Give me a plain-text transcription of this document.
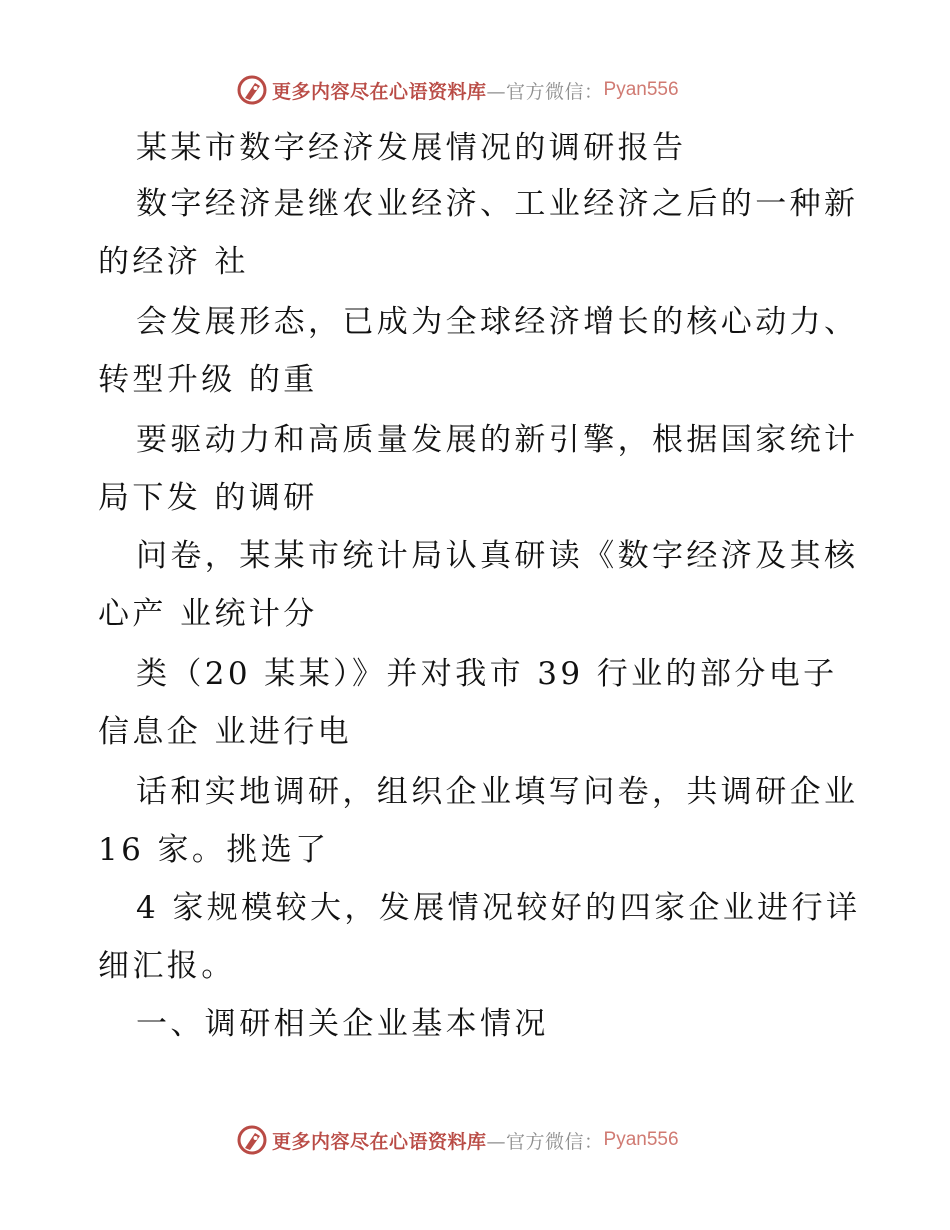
更多内容尽在心语资料库 —官方微信： Pyan556
某某市数字经济发展情况的调研报告
数字经济是继农业经济、工业经济之后的一种新
的经济 社
会发展形态，已成为全球经济增长的核心动力、
转型升级 的重
要驱动力和高质量发展的新引擎，根据国家统计
局下发 的调研
问卷，某某市统计局认真研读《数字经济及其核
心产 业统计分
类（20 某某）》并对我市 39 行业的部分电子
信息企 业进行电
话和实地调研，组织企业填写问卷，共调研企业
16 家。挑选了
4 家规模较大，发展情况较好的四家企业进行详
细汇报。
一、调研相关企业基本情况
更多内容尽在心语资料库 —官方微信： Pyan556
